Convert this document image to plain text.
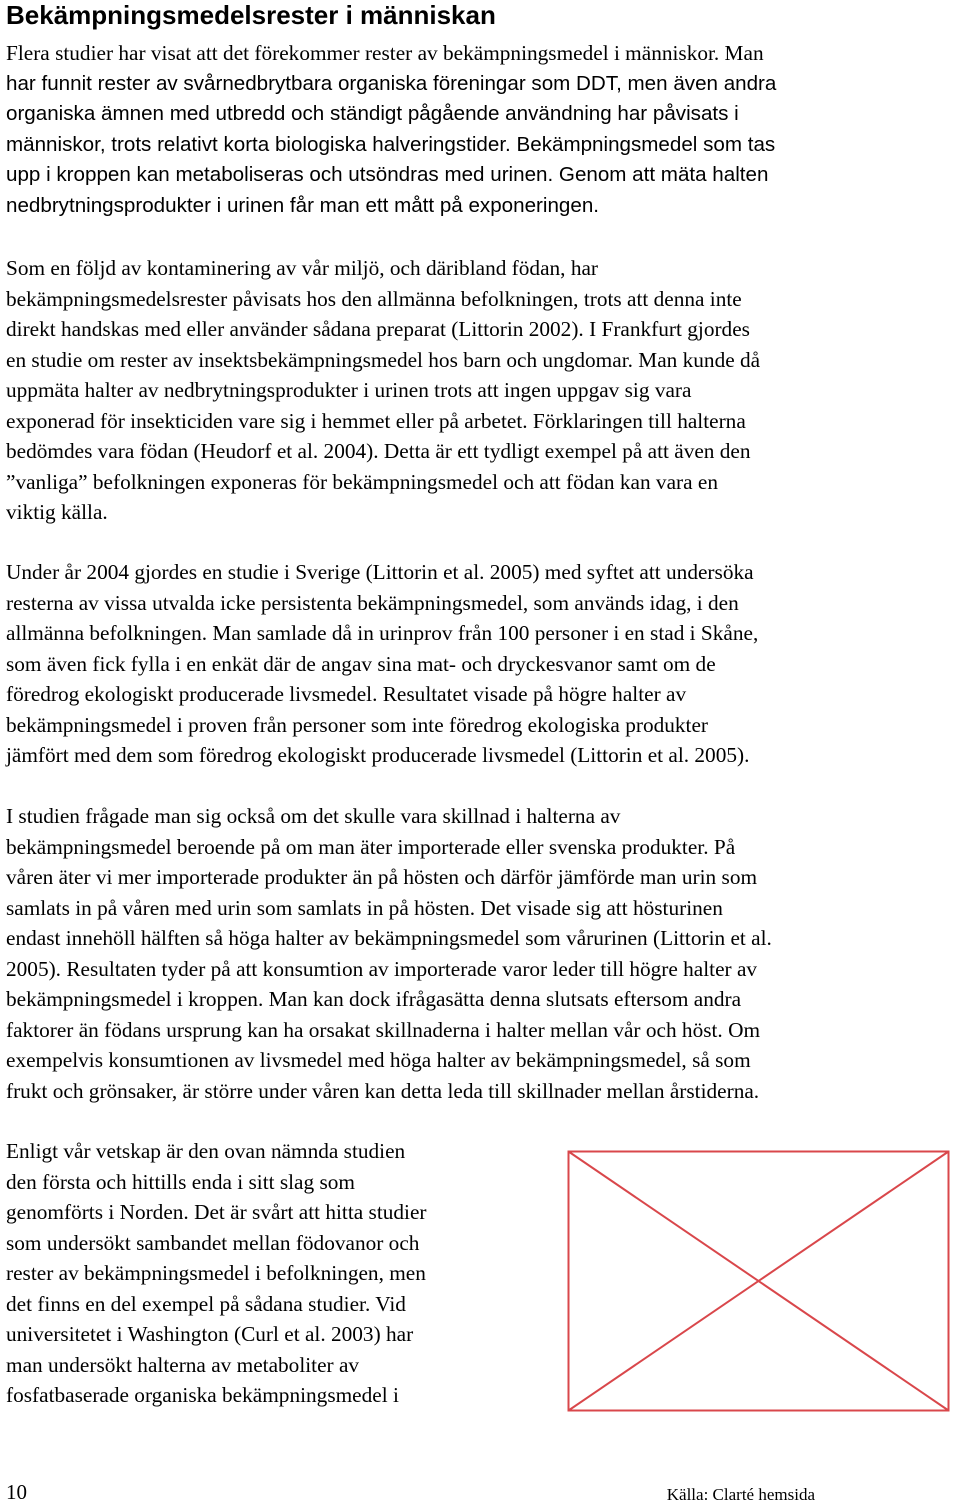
Bekämpningsmedelsrester i människan
Flera studier har visat att det förekommer rester av bekämpningsmedel i människor. Man
har funnit rester av svårnedbrytbara organiska föreningar som DDT, men även andra
organiska ämnen med utbredd och ständigt pågående användning har påvisats i
människor, trots relativt korta biologiska halveringstider. Bekämpningsmedel som tas
upp i kroppen kan metaboliseras och utsöndras med urinen. Genom att mäta halten
nedbrytningsprodukter i urinen får man ett mått på exponeringen.
Som en följd av kontaminering av vår miljö, och däribland födan, har
bekämpningsmedelsrester påvisats hos den allmänna befolkningen, trots att denna inte
direkt handskas med eller använder sådana preparat (Littorin 2002). I Frankfurt gjordes
en studie om rester av insektsbekämpningsmedel hos barn och ungdomar. Man kunde då
uppmäta halter av nedbrytningsprodukter i urinen trots att ingen uppgav sig vara
exponerad för insekticiden vare sig i hemmet eller på arbetet. Förklaringen till halterna
bedömdes vara födan (Heudorf et al. 2004). Detta är ett tydligt exempel på att även den
”vanliga” befolkningen exponeras för bekämpningsmedel och att födan kan vara en
viktig källa.
Under år 2004 gjordes en studie i Sverige (Littorin et al. 2005) med syftet att undersöka
resterna av vissa utvalda icke persistenta bekämpningsmedel, som används idag, i den
allmänna befolkningen. Man samlade då in urinprov från 100 personer i en stad i Skåne,
som även fick fylla i en enkät där de angav sina mat- och dryckesvanor samt om de
föredrog ekologiskt producerade livsmedel. Resultatet visade på högre halter av
bekämpningsmedel i proven från personer som inte föredrog ekologiska produkter
jämfört med dem som föredrog ekologiskt producerade livsmedel (Littorin et al. 2005).
I studien frågade man sig också om det skulle vara skillnad i halterna av
bekämpningsmedel beroende på om man äter importerade eller svenska produkter. På
våren äter vi mer importerade produkter än på hösten och därför jämförde man urin som
samlats in på våren med urin som samlats in på hösten. Det visade sig att hösturinen
endast innehöll hälften så höga halter av bekämpningsmedel som vårurinen (Littorin et al.
2005). Resultaten tyder på att konsumtion av importerade varor leder till högre halter av
bekämpningsmedel i kroppen. Man kan dock ifrågasätta denna slutsats eftersom andra
faktorer än födans ursprung kan ha orsakat skillnaderna i halter mellan vår och höst. Om
exempelvis konsumtionen av livsmedel med höga halter av bekämpningsmedel, så som
frukt och grönsaker, är större under våren kan detta leda till skillnader mellan årstiderna.
Enligt vår vetskap är den ovan nämnda studien
den första och hittills enda i sitt slag som
genomförts i Norden. Det är svårt att hitta studier
som undersökt sambandet mellan födovanor och
rester av bekämpningsmedel i befolkningen, men
det finns en del exempel på sådana studier. Vid
universitetet i Washington (Curl et al. 2003) har
man undersökt halterna av metaboliter av
fosfatbaserade organiska bekämpningsmedel i
10	Källa: Clarté hemsida
